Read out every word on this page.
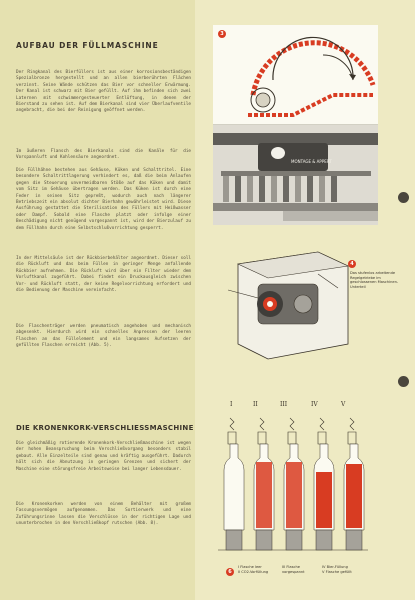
AUFBAU DER FÜLLMASCHINE

Der Ringkanal des Bierfüllers ist aus einer korrosionsbeständigen Spezialbronze hergestellt und an allen bierberührten Flächen verzinnt. Seine Wände schützen das Bier vor schneller Erwärmung. Der Kanal ist schwarz mit Bier gefüllt. Auf ihm befinden sich zwei Laternen mit schwimmergesteuerter Entlüftung, in denen der Bierstand zu sehen ist. Auf dem Bierkanal sind vier Überlaufventile angebracht, die bei der Reinigung geöffnet werden.

Im äußeren Flansch des Bierkanals sind die Kanäle für die Vorspannluft und Kohlensäure angeordnet.

Die Füllhähne bestehen aus Gehäuse, Küken und Schalttritel. Eine besondere Schaltrittlagerung verhindert es, daß die beim Anlaufen gegen die Steuerung unvermeidbaren Stöße auf das Küken und damit vom Sitz im Gehäuse übertragen werden. Das Küken ist durch eine Feder in seinen Sitz gepreßt, wodurch auch nach längerer Betriebszeit ein absolut dichter Bierhahn gewährleistet wird. Diese Ausführung gestattet die Sterilisation des Füllers mit Heißwasser oder Dampf. Sobald eine Flasche platzt oder infolge einer Beschädigung nicht genügend vorgespannt ist, wird der Bierzulauf zu dem Füllhahn durch eine Selbstschlußvorrichtung gesperrt.

In der Mittelsäule ist der Rückbierbehälter angeordnet. Dieser soll die Rückluft und das beim Füllen in geringer Menge anfallende Rückbier aufnehmen. Die Rückluft wird über ein Filter wieder dem Vorluftkanal zugeführt. Dabei findet ein Druckausgleich zwischen Vor- und Rückluft statt, der keine Regelvorrichtung erfordert und die Bedienung der Maschine vereinfacht.

Die Flaschenträger werden pneumatisch angehoben und mechanisch abgesenkt. Hierdurch wird ein schnelles Anpressen der leeren Flaschen an das Füllelement und ein langsames Aufsetzen der gefüllten Flaschen erreicht (Abb. 5).

DIE KRONENKORK-VERSCHLIESSMASCHINE

Die gleichmäßig rotierende Kronenkork-Verschließmaschine ist wegen der hohen Beanspruchung beim Verschließvorgang besonders stabil gebaut. Alle Einzelteile sind genau und kräftig ausgeführt. Dadurch hält sich die Abnutzung in geringen Grenzen und sichert der Maschine eine störungsfreie Arbeitsweise bei langer Lebensdauer.

Die Kronenkorken werden von einem Behälter mit großem Fassungsvermögen aufgenommen. Das Sortierwerk und eine Zuführungsrinne lassen die Verschlüsse in der richtigen Lage und ununterbrochen in den Verschließkopf rutschen (Abb. 8).

MONTAGE & APPERT
3
4
Das stufenlos arbeitende Regelgetriebe im geschlossenen Maschinen-Unterteil
I	II	III	IV	V
6
I Flasche leer
II CO2-Vorfüllung
III Flasche vorgespannt
IV Bier-Füllung
V Flasche gefüllt
